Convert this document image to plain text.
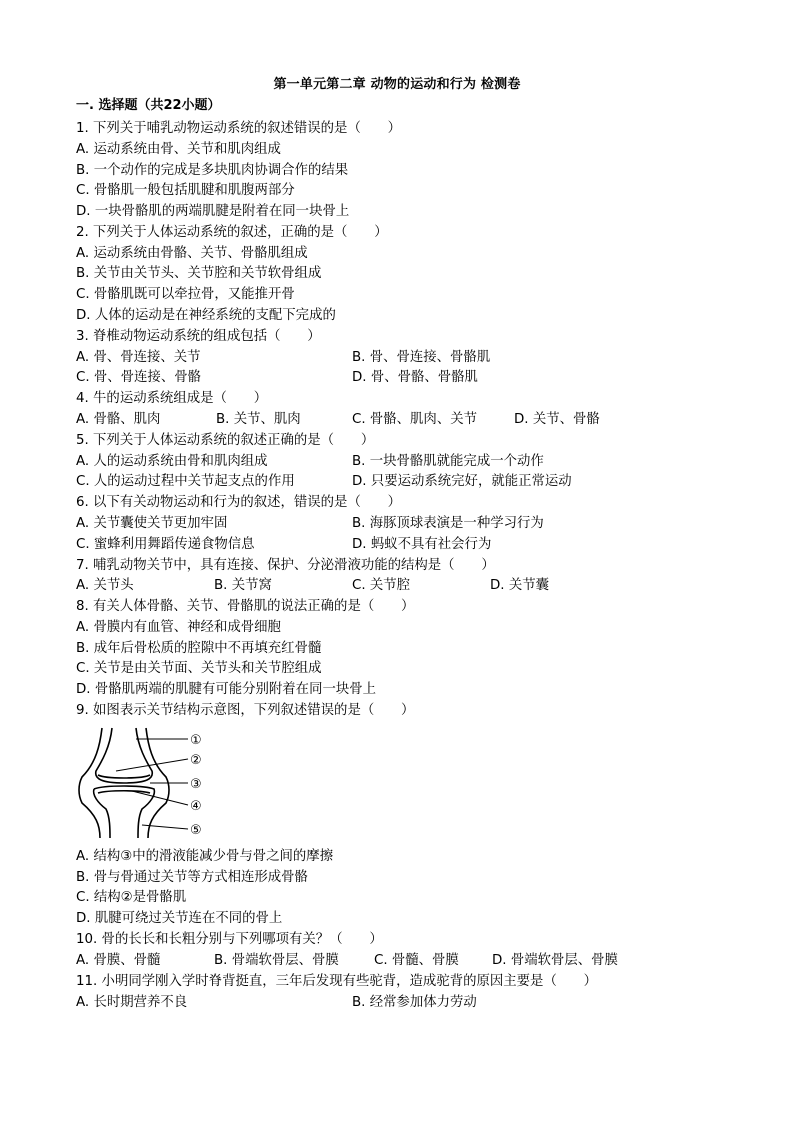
第一单元第二章 动物的运动和行为 检测卷
一. 选择题（共22小题）
1. 下列关于哺乳动物运动系统的叙述错误的是（　　）
A. 运动系统由骨、关节和肌肉组成
B. 一个动作的完成是多块肌肉协调合作的结果
C. 骨骼肌一般包括肌腱和肌腹两部分
D. 一块骨骼肌的两端肌腱是附着在同一块骨上
2. 下列关于人体运动系统的叙述，正确的是（　　）
A. 运动系统由骨骼、关节、骨骼肌组成
B. 关节由关节头、关节腔和关节软骨组成
C. 骨骼肌既可以牵拉骨，又能推开骨
D. 人体的运动是在神经系统的支配下完成的
3. 脊椎动物运动系统的组成包括（　　）
A. 骨、骨连接、关节	B. 骨、骨连接、骨骼肌
C. 骨、骨连接、骨骼	D. 骨、骨骼、骨骼肌
4. 牛的运动系统组成是（　　）
A. 骨骼、肌肉	B. 关节、肌肉	C. 骨骼、肌肉、关节	D. 关节、骨骼
5. 下列关于人体运动系统的叙述正确的是（　　）
A. 人的运动系统由骨和肌肉组成	B. 一块骨骼肌就能完成一个动作
C. 人的运动过程中关节起支点的作用	D. 只要运动系统完好，就能正常运动
6. 以下有关动物运动和行为的叙述，错误的是（　　）
A. 关节囊使关节更加牢固	B. 海豚顶球表演是一种学习行为
C. 蜜蜂利用舞蹈传递食物信息	D. 蚂蚁不具有社会行为
7. 哺乳动物关节中，具有连接、保护、分泌滑液功能的结构是（　　）
A. 关节头	B. 关节窝	C. 关节腔	D. 关节囊
8. 有关人体骨骼、关节、骨骼肌的说法正确的是（　　）
A. 骨膜内有血管、神经和成骨细胞
B. 成年后骨松质的腔隙中不再填充红骨髓
C. 关节是由关节面、关节头和关节腔组成
D. 骨骼肌两端的肌腱有可能分别附着在同一块骨上
9. 如图表示关节结构示意图，下列叙述错误的是（　　）
①
②
③
④
⑤
A. 结构③中的滑液能减少骨与骨之间的摩擦
B. 骨与骨通过关节等方式相连形成骨骼
C. 结构②是骨骼肌
D. 肌腱可绕过关节连在不同的骨上
10. 骨的长长和长粗分别与下列哪项有关？（　　）
A. 骨膜、骨髓	B. 骨端软骨层、骨膜	C. 骨髓、骨膜 D. 骨端软骨层、骨膜
11. 小明同学刚入学时脊背挺直，三年后发现有些驼背，造成驼背的原因主要是（　　）
A. 长时期营养不良	B. 经常参加体力劳动
